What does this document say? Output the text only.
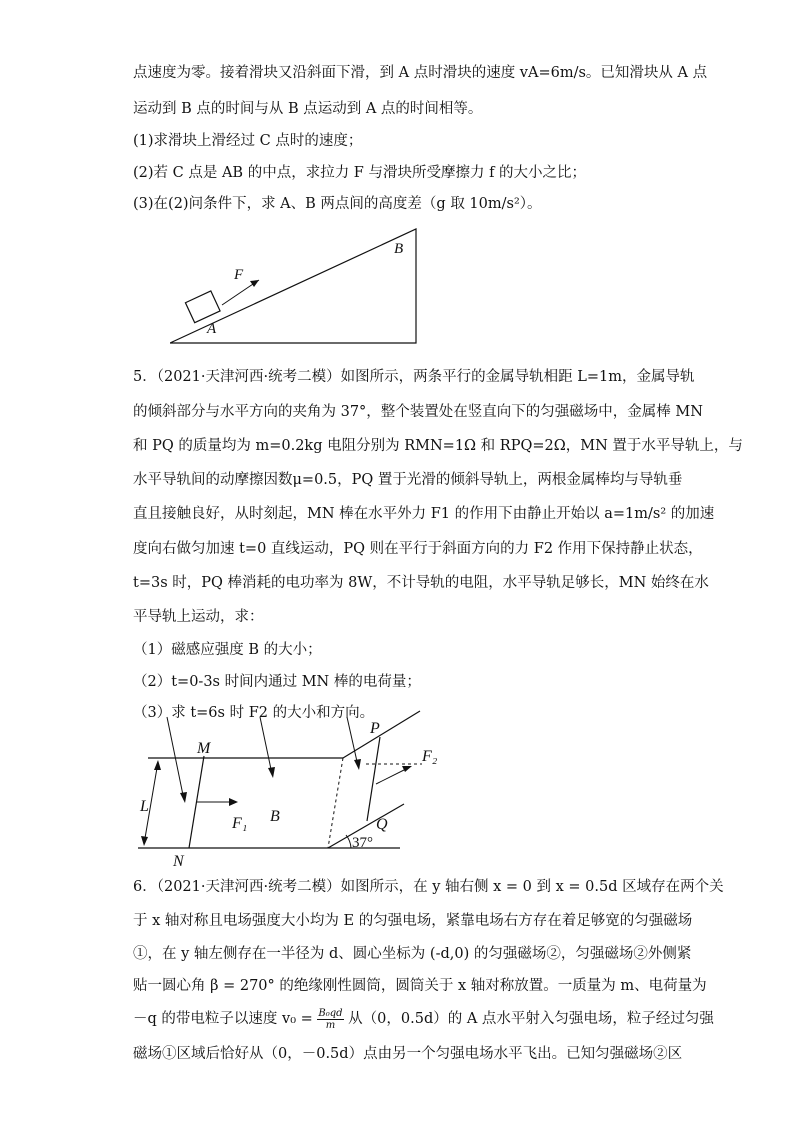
点速度为零。接着滑块又沿斜面下滑，到 A 点时滑块的速度 vA=6m/s。已知滑块从 A 点
运动到 B 点的时间与从 B 点运动到 A 点的时间相等。
(1)求滑块上滑经过 C 点时的速度；
(2)若 C 点是 AB 的中点，求拉力 F 与滑块所受摩擦力 f 的大小之比；
(3)在(2)问条件下，求 A、B 两点间的高度差（g 取 10m/s²）。
F
A
B
5．（2021·天津河西·统考二模）如图所示，两条平行的金属导轨相距 L=1m，金属导轨
的倾斜部分与水平方向的夹角为 37°，整个装置处在竖直向下的匀强磁场中，金属棒 MN
和 PQ 的质量均为 m=0.2kg 电阻分别为 RMN=1Ω 和 RPQ=2Ω，MN 置于水平导轨上，与
水平导轨间的动摩擦因数μ=0.5，PQ 置于光滑的倾斜导轨上，两根金属棒均与导轨垂
直且接触良好，从时刻起，MN 棒在水平外力 F1 的作用下由静止开始以 a=1m/s² 的加速
度向右做匀加速 t=0 直线运动，PQ 则在平行于斜面方向的力 F2 作用下保持静止状态，
t=3s 时，PQ 棒消耗的电功率为 8W，不计导轨的电阻，水平导轨足够长，MN 始终在水
平导轨上运动，求：
（1）磁感应强度 B 的大小；
（2）t=0-3s 时间内通过 MN 棒的电荷量；
（3）求 t=6s 时 F2 的大小和方向。
M
N
P
Q
L
B
F₁
F₂
37°
6．（2021·天津河西·统考二模）如图所示，在 y 轴右侧 x = 0 到 x = 0.5d 区域存在两个关
于 x 轴对称且电场强度大小均为 E 的匀强电场，紧靠电场右方存在着足够宽的匀强磁场
①，在 y 轴左侧存在一半径为 d、圆心坐标为 (-d,0) 的匀强磁场②，匀强磁场②外侧紧
贴一圆心角 β = 270° 的绝缘刚性圆筒，圆筒关于 x 轴对称放置。一质量为 m、电荷量为
－q 的带电粒子以速度 $v_0 = \frac{\text{B₀qd}}{m}$ 从（0，0.5d）的 A 点水平射入匀强电场，粒子经过匀强
磁场①区域后恰好从（0，－0.5d）点由另一个匀强电场水平飞出。已知匀强磁场②区
